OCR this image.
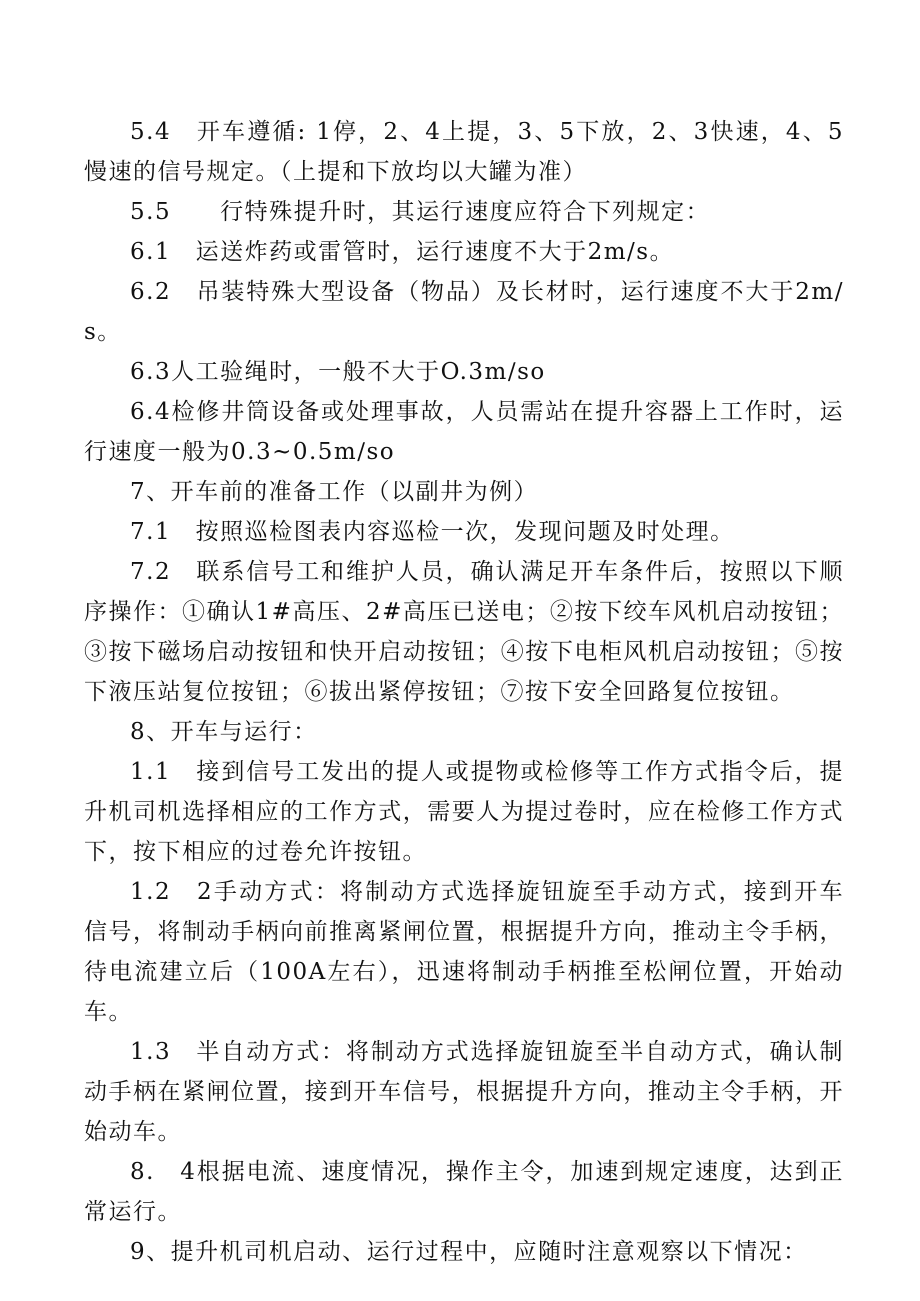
5.4　开车遵循: 1停，2、4上提，3、5下放，2、3快速，4、5慢速的信号规定。（上提和下放均以大罐为准）

5.5　　行特殊提升时，其运行速度应符合下列规定：

6.1　运送炸药或雷管时，运行速度不大于2m/s。

6.2　吊装特殊大型设备（物品）及长材时，运行速度不大于2m/s。

6.3人工验绳时，一般不大于O.3m∕so

6.4检修井筒设备或处理事故，人员需站在提升容器上工作时，运行速度一般为0.3~0.5m∕so

7、开车前的准备工作（以副井为例）

7.1　按照巡检图表内容巡检一次，发现问题及时处理。

7.2　联系信号工和维护人员，确认满足开车条件后，按照以下顺序操作：①确认1#高压、2#高压已送电；②按下绞车风机启动按钮；③按下磁场启动按钮和快开启动按钮；④按下电柜风机启动按钮；⑤按下液压站复位按钮；⑥拔出紧停按钮；⑦按下安全回路复位按钮。

8、开车与运行：

1.1　接到信号工发出的提人或提物或检修等工作方式指令后，提升机司机选择相应的工作方式，需要人为提过卷时，应在检修工作方式下，按下相应的过卷允许按钮。

1.2　2手动方式：将制动方式选择旋钮旋至手动方式，接到开车信号，将制动手柄向前推离紧闸位置，根据提升方向，推动主令手柄，待电流建立后（100A左右），迅速将制动手柄推至松闸位置，开始动车。

1.3　半自动方式：将制动方式选择旋钮旋至半自动方式，确认制动手柄在紧闸位置，接到开车信号，根据提升方向，推动主令手柄，开始动车。

8.　4根据电流、速度情况，操作主令，加速到规定速度，达到正常运行。

9、提升机司机启动、运行过程中，应随时注意观察以下情况：
